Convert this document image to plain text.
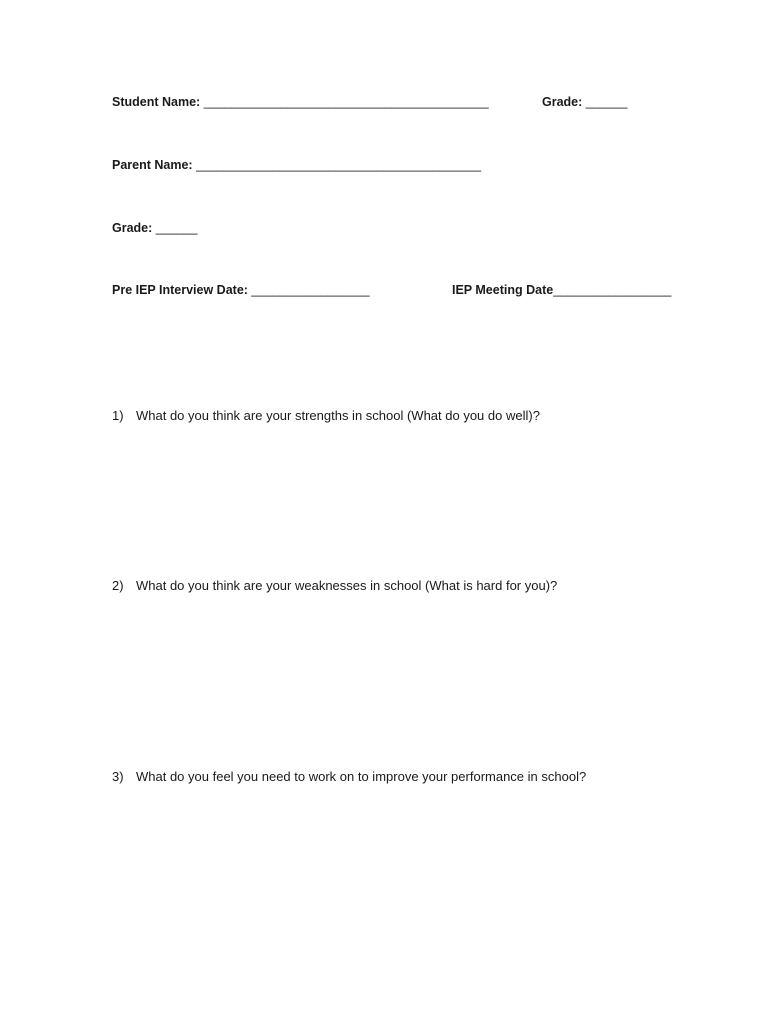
Student Name: _________________________________________	Grade: ______
Parent Name: _________________________________________
Grade: ______
Pre IEP Interview Date: _________________	IEP Meeting Date_________________
1) What do you think are your strengths in school (What do you do well)?
2) What do you think are your weaknesses in school (What is hard for you)?
3) What do you feel you need to work on to improve your performance in school?
